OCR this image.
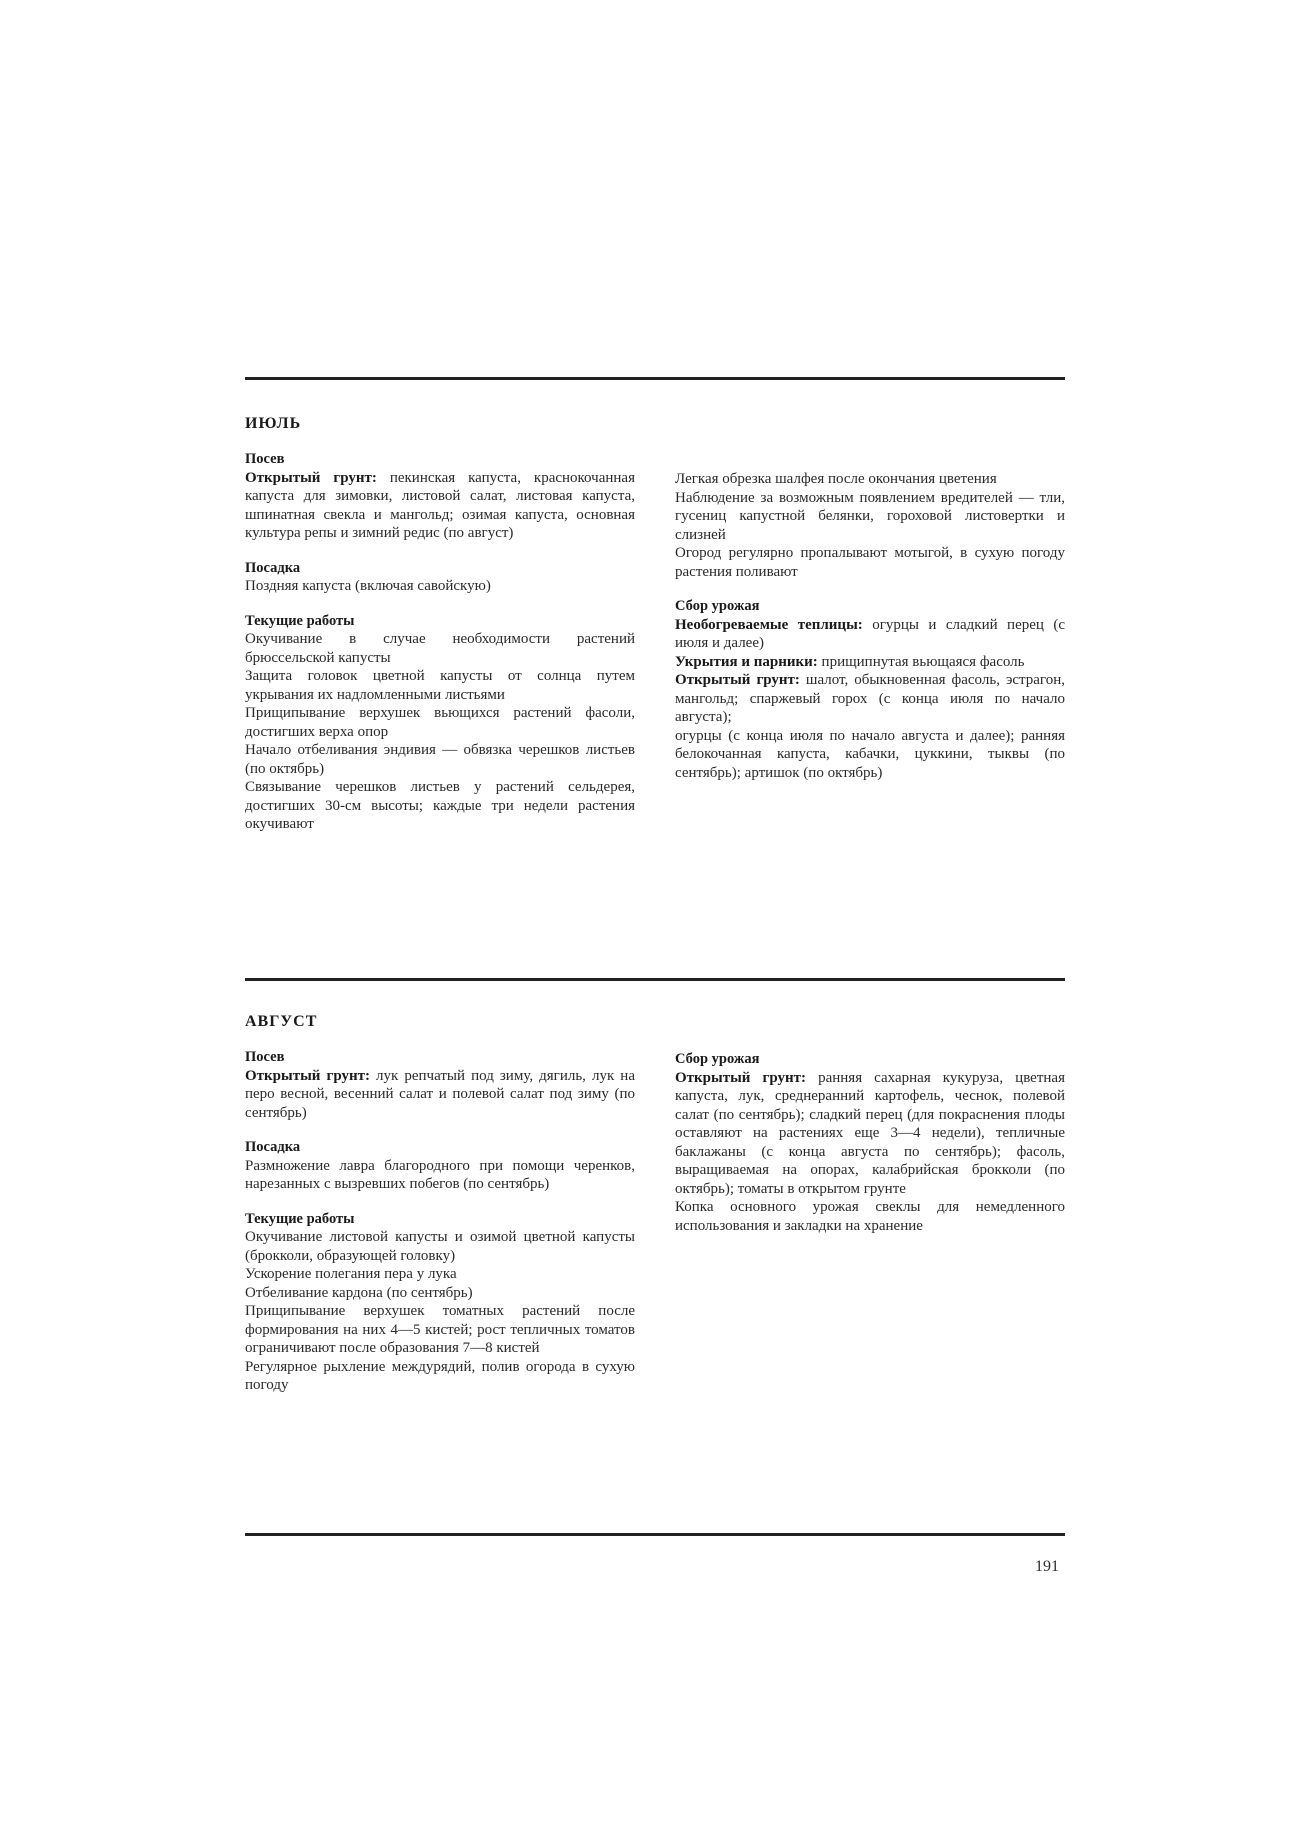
ИЮЛЬ
Посев

Открытый грунт: пекинская капуста, краснокочанная капуста для зимовки, листовой салат, листовая капуста, шпинатная свекла и мангольд; озимая капуста, основная культура репы и зимний редис (по август)

Посадка

Поздняя капуста (включая савойскую)

Текущие работы

Окучивание в случае необходимости растений брюссельской капусты

Защита головок цветной капусты от солнца путем укрывания их надломленными листьями

Прищипывание верхушек вьющихся растений фасоли, достигших верха опор

Начало отбеливания эндивия — обвязка черешков листьев (по октябрь)

Связывание черешков листьев у растений сельдерея, достигших 30-см высоты; каждые три недели растения окучивают

Легкая обрезка шалфея после окончания цветения

Наблюдение за возможным появлением вредителей — тли, гусениц капустной белянки, гороховой листовертки и слизней

Огород регулярно пропалывают мотыгой, в сухую погоду растения поливают

Сбор урожая

Необогреваемые теплицы: огурцы и сладкий перец (с июля и далее)

Укрытия и парники: прищипнутая вьющаяся фасоль

Открытый грунт: шалот, обыкновенная фасоль, эстрагон, мангольд; спаржевый горох (с конца июля по начало августа);

огурцы (с конца июля по начало августа и далее); ранняя белокочанная капуста, кабачки, цуккини, тыквы (по сентябрь); артишок (по октябрь)

АВГУСТ
Посев

Открытый грунт: лук репчатый под зиму, дягиль, лук на перо весной, весенний салат и полевой салат под зиму (по сентябрь)

Посадка

Размножение лавра благородного при помощи черенков, нарезанных с вызревших побегов (по сентябрь)

Текущие работы

Окучивание листовой капусты и озимой цветной капусты (брокколи, образующей головку)

Ускорение полегания пера у лука

Отбеливание кардона (по сентябрь)

Прищипывание верхушек томатных растений после формирования на них 4—5 кистей; рост тепличных томатов ограничивают после образования 7—8 кистей

Регулярное рыхление междурядий, полив огорода в сухую погоду

Сбор урожая

Открытый грунт: ранняя сахарная кукуруза, цветная капуста, лук, среднеранний картофель, чеснок, полевой салат (по сентябрь); сладкий перец (для покраснения плоды оставляют на растениях еще 3—4 недели), тепличные баклажаны (с конца августа по сентябрь); фасоль, выращиваемая на опорах, калабрийская брокколи (по октябрь); томаты в открытом грунте

Копка основного урожая свеклы для немедленного использования и закладки на хранение

191
